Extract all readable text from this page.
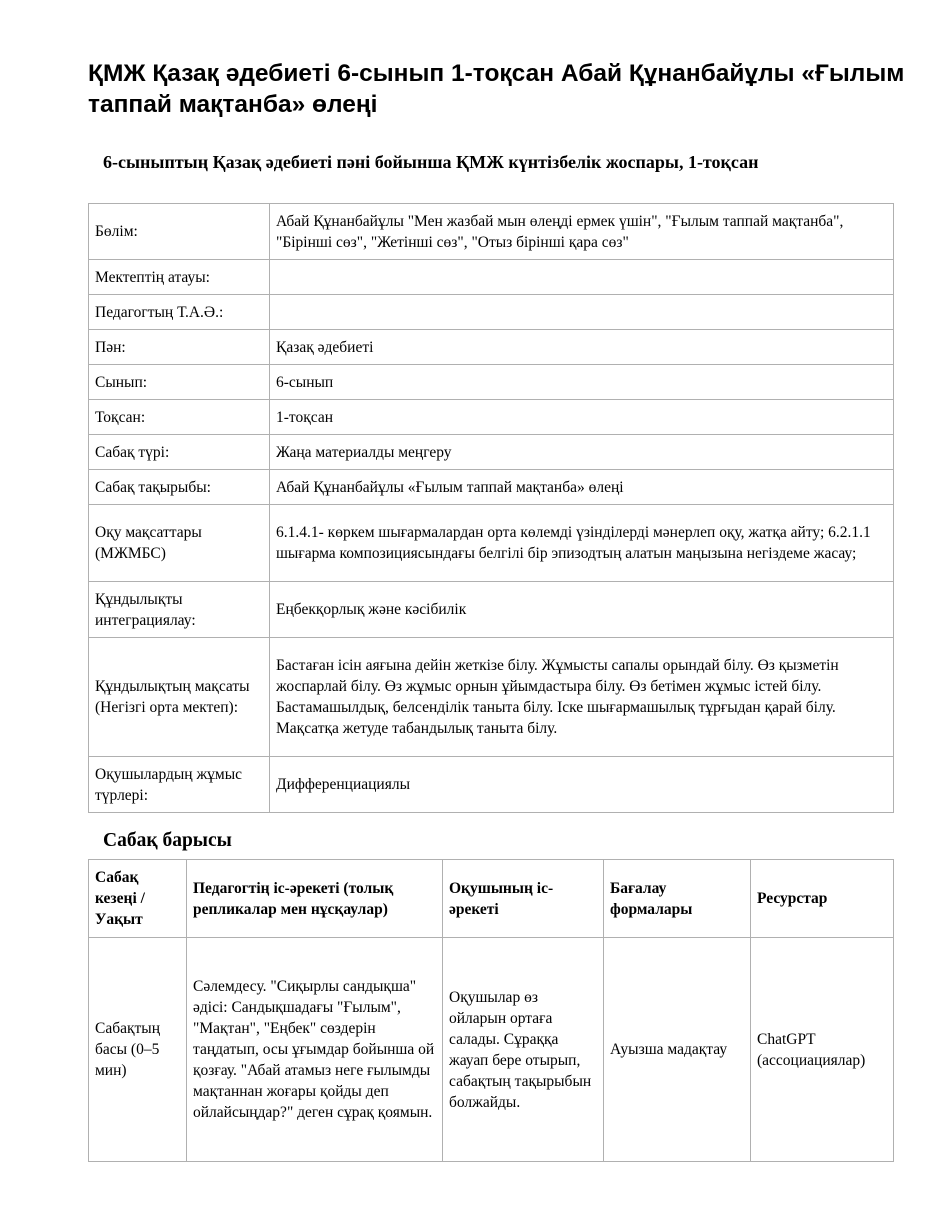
ҚМЖ Қазақ әдебиеті 6-сынып 1-тоқсан Абай Құнанбайұлы «Ғылым таппай мақтанба» өлеңі
6-сыныптың Қазақ әдебиеті пәні бойынша ҚМЖ күнтізбелік жоспары, 1-тоқсан
Бөлім:	Абай Құнанбайұлы "Мен жазбай мын өлеңді ермек үшін", "Ғылым таппай мақтанба", "Бірінші сөз", "Жетінші сөз", "Отыз бірінші қара сөз"
Мектептің атауы:	
Педагогтың Т.А.Ә.:	
Пән:	Қазақ әдебиеті
Сынып:	6-сынып
Тоқсан:	1-тоқсан
Сабақ түрі:	Жаңа материалды меңгеру
Сабақ тақырыбы:	Абай Құнанбайұлы «Ғылым таппай мақтанба» өлеңі
Оқу мақсаттары (МЖМБС)	6.1.4.1- көркем шығармалардан орта көлемді үзінділерді мәнерлеп оқу, жатқа айту; 6.2.1.1 шығарма композициясындағы белгілі бір эпизодтың алатын маңызына негіздеме жасау;
Құндылықты интеграциялау:	Еңбекқорлық және кәсібилік
Құндылықтың мақсаты (Негізгі орта мектеп):	Бастаған ісін аяғына дейін жеткізе білу. Жұмысты сапалы орындай білу. Өз қызметін жоспарлай білу. Өз жұмыс орнын ұйымдастыра білу. Өз бетімен жұмыс істей білу. Бастамашылдық, белсенділік таныта білу. Іске шығармашылық тұрғыдан қарай білу. Мақсатқа жетуде табандылық таныта білу.
Оқушылардың жұмыс түрлері:	Дифференциациялы
Сабақ барысы
Сабақ кезеңі / Уақыт	Педагогтің іс-әрекеті (толық репликалар мен нұсқаулар)	Оқушының іс-әрекеті	Бағалау формалары	Ресурстар
Сабақтың басы (0–5 мин)	Сәлемдесу. "Сиқырлы сандықша" әдісі: Сандықшадағы "Ғылым", "Мақтан", "Еңбек" сөздерін таңдатып, осы ұғымдар бойынша ой қозғау. "Абай атамыз неге ғылымды мақтаннан жоғары қойды деп ойлайсыңдар?" деген сұрақ қоямын.	Оқушылар өз ойларын ортаға салады. Сұраққа жауап бере отырып, сабақтың тақырыбын болжайды.	Ауызша мадақтау	ChatGPT (ассоциациялар)
